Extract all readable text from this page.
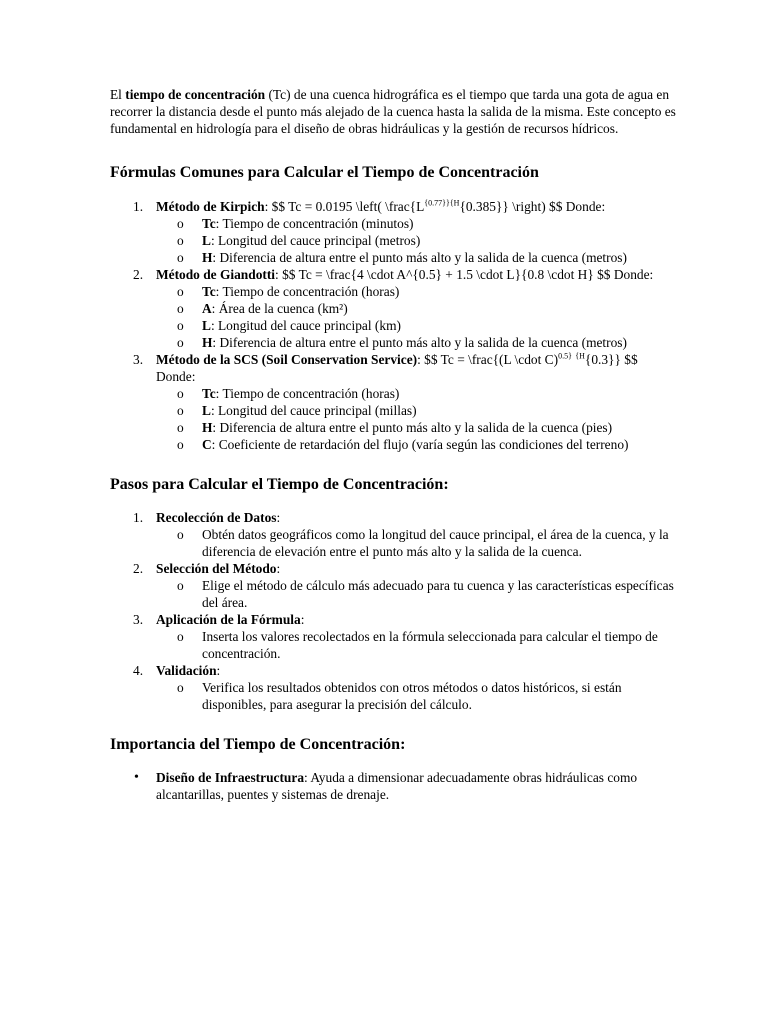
El tiempo de concentración (Tc) de una cuenca hidrográfica es el tiempo que tarda una gota de agua en recorrer la distancia desde el punto más alejado de la cuenca hasta la salida de la misma. Este concepto es fundamental en hidrología para el diseño de obras hidráulicas y la gestión de recursos hídricos.

Fórmulas Comunes para Calcular el Tiempo de Concentración
1. Método de Kirpich: $$ Tc = 0.0195 \left( $\backslash frac\{L^{\{0.77\}\}\{H}\{0.385\}\}$ \right) $$ Donde:
o Tc: Tiempo de concentración (minutos)
o L: Longitud del cauce principal (metros)
o H: Diferencia de altura entre el punto más alto y la salida de la cuenca (metros)
2. Método de Giandotti: $$ Tc = \frac{4 \cdot A^{0.5} + 1.5 \cdot L}{0.8 \cdot H} $$ Donde:
o Tc: Tiempo de concentración (horas)
o A: Área de la cuenca (km²)
o L: Longitud del cauce principal (km)
o H: Diferencia de altura entre el punto más alto y la salida de la cuenca (metros)
3. Método de la SCS (Soil Conservation Service): $$ Tc = \frac{(L \cdot C)$^{0.5\}}$ $^{\{H}${0.3}} $$ Donde:
o Tc: Tiempo de concentración (horas)
o L: Longitud del cauce principal (millas)
o H: Diferencia de altura entre el punto más alto y la salida de la cuenca (pies)
o C: Coeficiente de retardación del flujo (varía según las condiciones del terreno)
Pasos para Calcular el Tiempo de Concentración:
1. Recolección de Datos:
o Obtén datos geográficos como la longitud del cauce principal, el área de la cuenca, y la diferencia de elevación entre el punto más alto y la salida de la cuenca.
2. Selección del Método:
o Elige el método de cálculo más adecuado para tu cuenca y las características específicas del área.
3. Aplicación de la Fórmula:
o Inserta los valores recolectados en la fórmula seleccionada para calcular el tiempo de concentración.
4. Validación:
o Verifica los resultados obtenidos con otros métodos o datos históricos, si están disponibles, para asegurar la precisión del cálculo.
Importancia del Tiempo de Concentración:
• Diseño de Infraestructura: Ayuda a dimensionar adecuadamente obras hidráulicas como alcantarillas, puentes y sistemas de drenaje.
